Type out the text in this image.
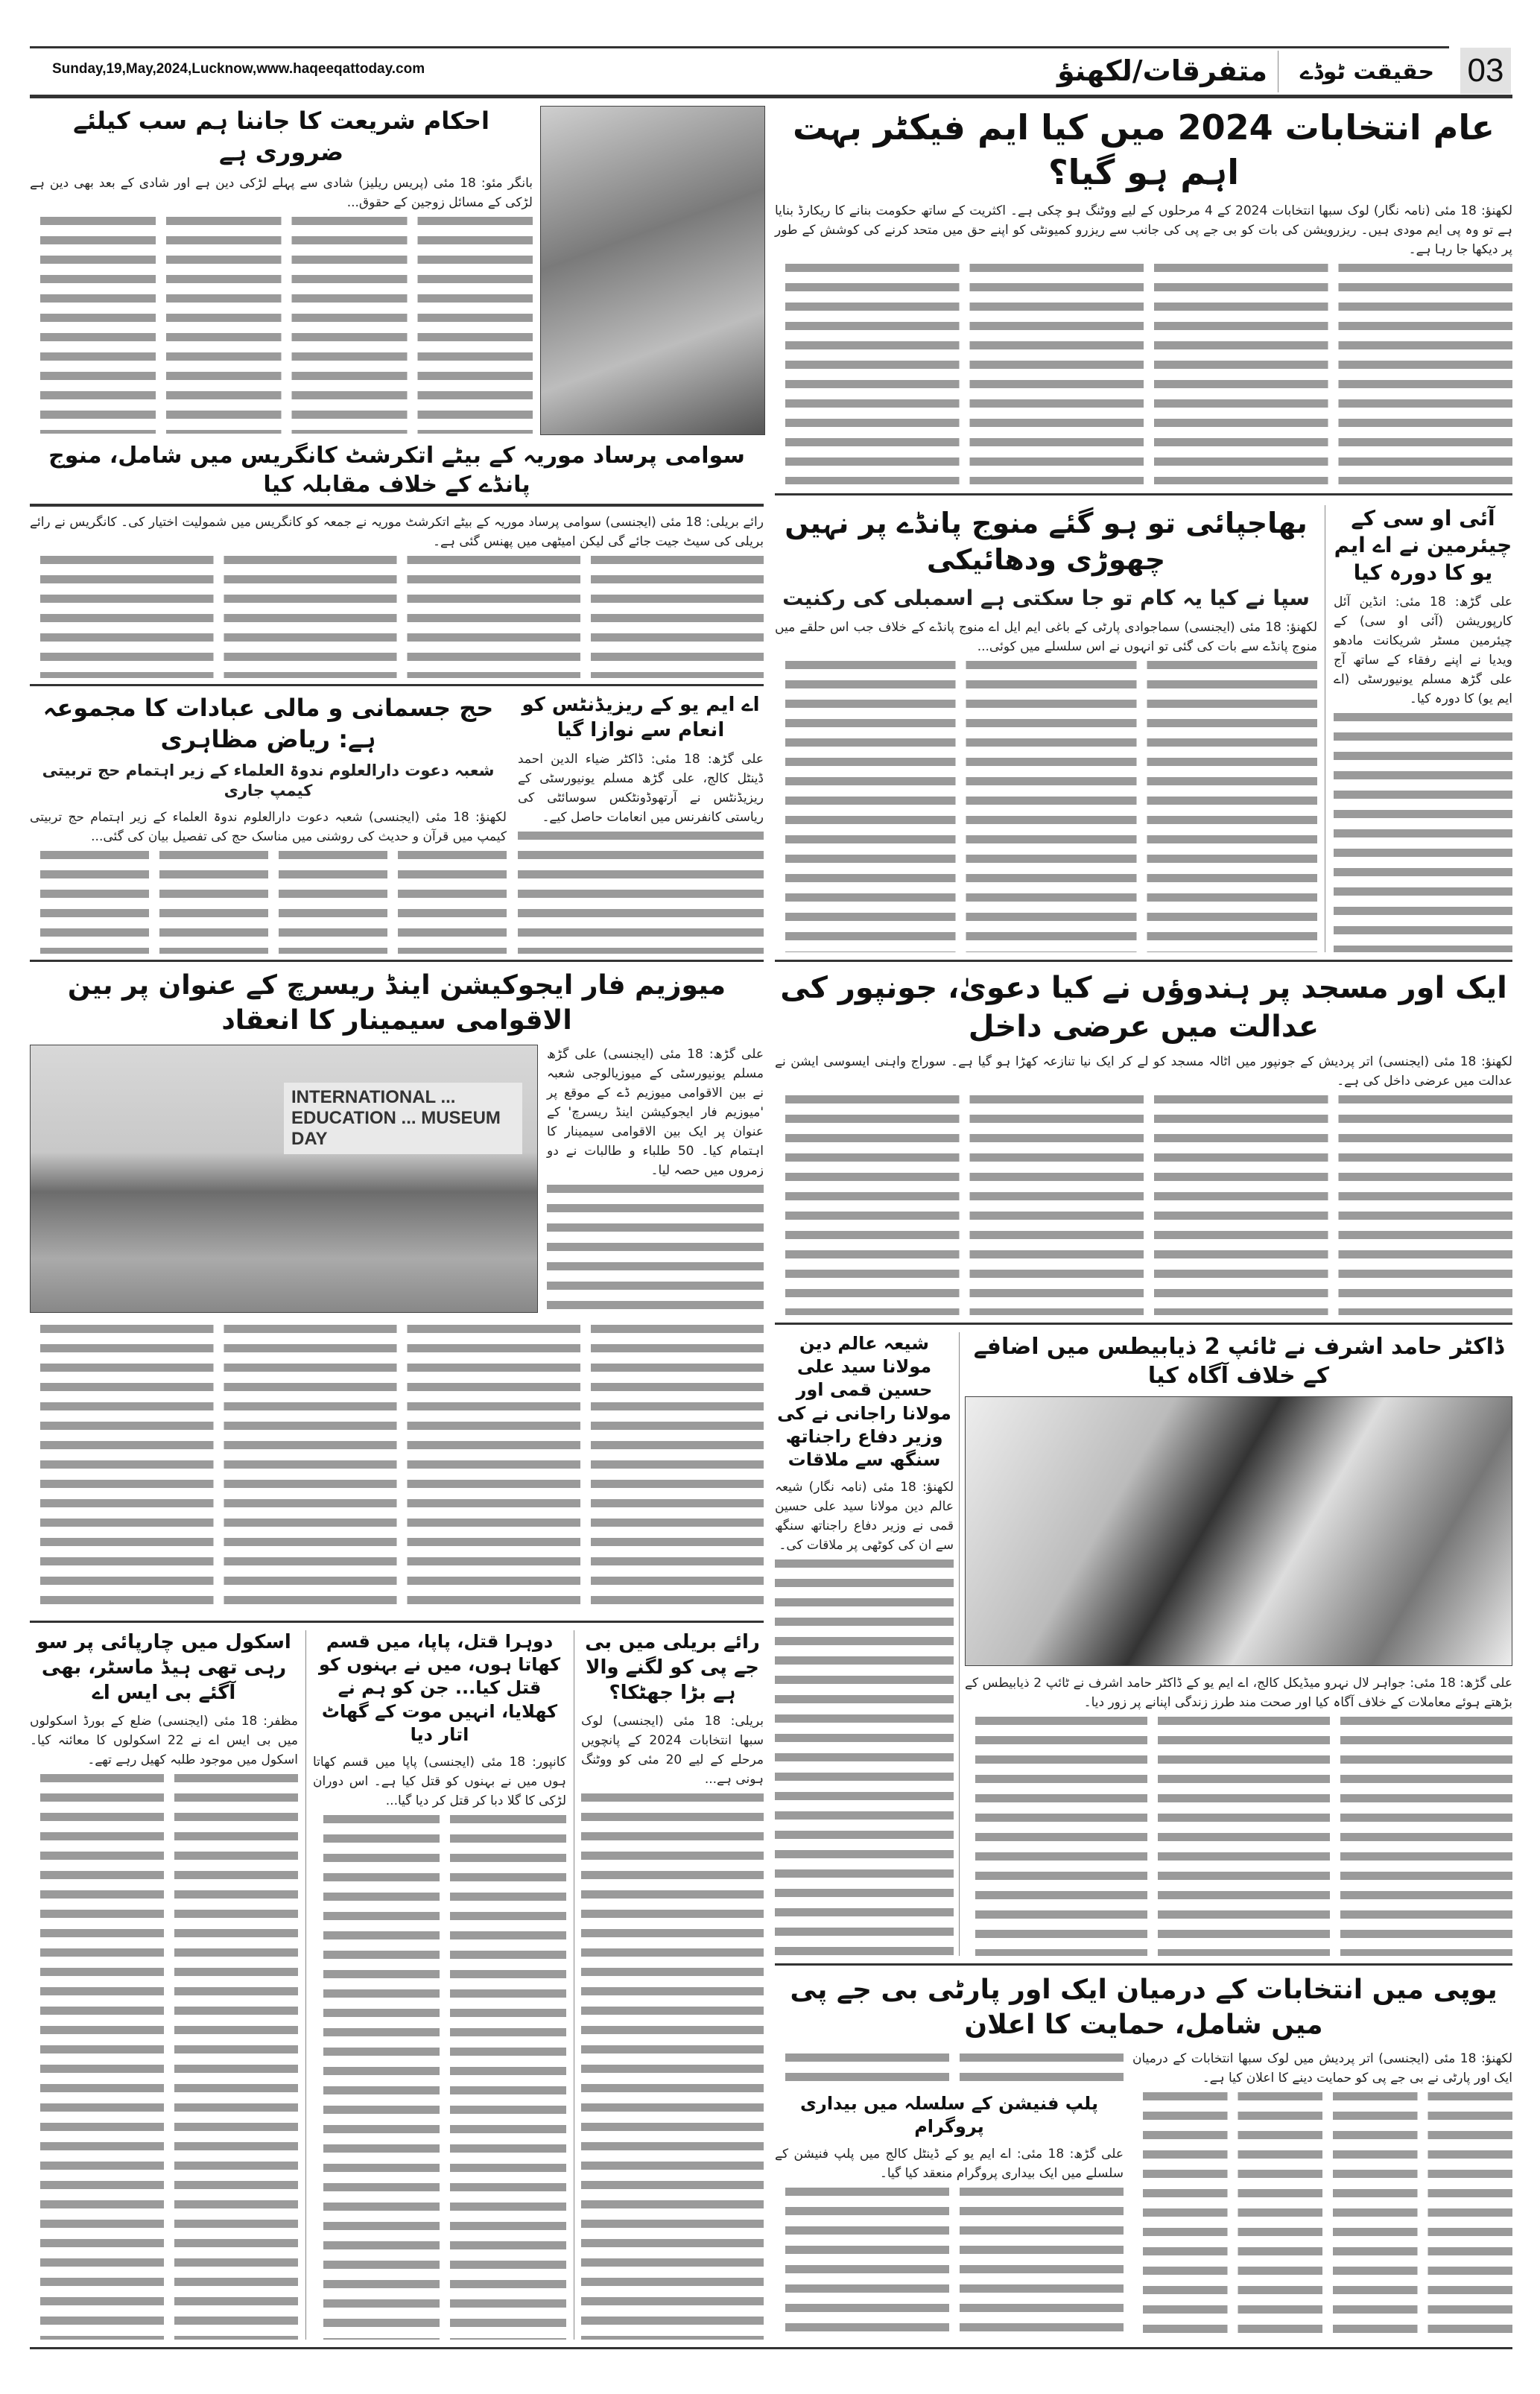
Sunday,19,May,2024,Lucknow,www.haqeeqattoday.com	متفرقات/لکھنؤ	حقیقت ٹوڈے	03
عام انتخابات 2024 میں کیا ایم فیکٹر بہت اہم ہو گیا؟
لکھنؤ: 18 مئی (نامہ نگار) لوک سبھا انتخابات 2024 کے 4 مرحلوں کے لیے ووٹنگ ہو چکی ہے۔ اکثریت کے ساتھ حکومت بنانے کا ریکارڈ بنایا ہے تو وہ پی ایم مودی ہیں۔ ریزرویشن کی بات کو بی جے پی کی جانب سے ریزرو کمیونٹی کو اپنے حق میں متحد کرنے کی کوشش کے طور پر دیکھا جا رہا ہے۔
احکام شریعت کا جاننا ہم سب کیلئے ضروری ہے
بانگر مئو: 18 مئی (پریس ریلیز) شادی سے پہلے لڑکی دین ہے اور شادی کے بعد بھی دین ہے لڑکی کے مسائل زوجین کے حقوق...
سوامی پرساد موریہ کے بیٹے اتکرشٹ کانگریس میں شامل، منوج پانڈے کے خلاف مقابلہ کیا
رائے بریلی: 18 مئی (ایجنسی) سوامی پرساد موریہ کے بیٹے اتکرشٹ موریہ نے جمعہ کو کانگریس میں شمولیت اختیار کی۔ کانگریس نے رائے بریلی کی سیٹ جیت جائے گی لیکن امیٹھی میں پھنس گئی ہے۔
آئی او سی کے چیئرمین نے اے ایم یو کا دورہ کیا
علی گڑھ: 18 مئی: انڈین آئل کارپوریشن (آئی او سی) کے چیئرمین مسٹر شریکانت مادھو ویدیا نے اپنے رفقاء کے ساتھ آج علی گڑھ مسلم یونیورسٹی (اے ایم یو) کا دورہ کیا۔
بھاجپائی تو ہو گئے منوج پانڈے پر نہیں چھوڑی ودھائیکی
سپا نے کیا یہ کام تو جا سکتی ہے اسمبلی کی رکنیت
لکھنؤ: 18 مئی (ایجنسی) سماجوادی پارٹی کے باغی ایم ایل اے منوج پانڈے کے خلاف جب اس حلقے میں منوج پانڈے سے بات کی گئی تو انہوں نے اس سلسلے میں کوئی...
حج جسمانی و مالی عبادات کا مجموعہ ہے: ریاض مظاہری
شعبہ دعوت دارالعلوم ندوۃ العلماء کے زیر اہتمام حج تربیتی کیمپ جاری
لکھنؤ: 18 مئی (ایجنسی) شعبہ دعوت دارالعلوم ندوۃ العلماء کے زیر اہتمام حج تربیتی کیمپ میں قرآن و حدیث کی روشنی میں مناسک حج کی تفصیل بیان کی گئی...
اے ایم یو کے ریزیڈنٹس کو انعام سے نوازا گیا
علی گڑھ: 18 مئی: ڈاکٹر ضیاء الدین احمد ڈینٹل کالج، علی گڑھ مسلم یونیورسٹی کے ریزیڈنٹس نے آرتھوڈونٹکس سوسائٹی کی ریاستی کانفرنس میں انعامات حاصل کیے۔
میوزیم فار ایجوکیشن اینڈ ریسرچ کے عنوان پر بین الاقوامی سیمینار کا انعقاد
INTERNATIONAL ... EDUCATION ... MUSEUM DAY
علی گڑھ: 18 مئی (ایجنسی) علی گڑھ مسلم یونیورسٹی کے میوزیالوجی شعبہ نے بین الاقوامی میوزیم ڈے کے موقع پر 'میوزیم فار ایجوکیشن اینڈ ریسرچ' کے عنوان پر ایک بین الاقوامی سیمینار کا اہتمام کیا۔ 50 طلباء و طالبات نے دو زمروں میں حصہ لیا۔
ایک اور مسجد پر ہندوؤں نے کیا دعویٰ، جونپور کی عدالت میں عرضی داخل
لکھنؤ: 18 مئی (ایجنسی) اتر پردیش کے جونپور میں اٹالہ مسجد کو لے کر ایک نیا تنازعہ کھڑا ہو گیا ہے۔ سوراج واہنی ایسوسی ایشن نے عدالت میں عرضی داخل کی ہے۔
شیعہ عالم دین مولانا سید علی حسین قمی اور مولانا راجانی نے کی وزیر دفاع راجناتھ سنگھ سے ملاقات
لکھنؤ: 18 مئی (نامہ نگار) شیعہ عالم دین مولانا سید علی حسین قمی نے وزیر دفاع راجناتھ سنگھ سے ان کی کوٹھی پر ملاقات کی۔
ڈاکٹر حامد اشرف نے ٹائپ 2 ذیابیطس میں اضافے کے خلاف آگاہ کیا
علی گڑھ: 18 مئی: جواہر لال نہرو میڈیکل کالج، اے ایم یو کے ڈاکٹر حامد اشرف نے ٹائپ 2 ذیابیطس کے بڑھتے ہوئے معاملات کے خلاف آگاہ کیا اور صحت مند طرز زندگی اپنانے پر زور دیا۔
رائے بریلی میں بی جے پی کو لگنے والا ہے بڑا جھٹکا؟
بریلی: 18 مئی (ایجنسی) لوک سبھا انتخابات 2024 کے پانچویں مرحلے کے لیے 20 مئی کو ووٹنگ ہونی ہے...
دوہرا قتل، پاپا، میں قسم کھاتا ہوں، میں نے بہنوں کو قتل کیا... جن کو ہم نے کھلایا، انہیں موت کے گھاٹ اتار دیا
کانپور: 18 مئی (ایجنسی) پاپا میں قسم کھاتا ہوں میں نے بہنوں کو قتل کیا ہے۔ اس دوران لڑکی کا گلا دبا کر قتل کر دیا گیا...
اسکول میں چارپائی پر سو رہی تھی ہیڈ ماسٹر، بھی آگئے بی ایس اے
مظفر: 18 مئی (ایجنسی) ضلع کے بورڈ اسکولوں میں بی ایس اے نے 22 اسکولوں کا معائنہ کیا۔ اسکول میں موجود طلبہ کھیل رہے تھے۔
یوپی میں انتخابات کے درمیان ایک اور پارٹی بی جے پی میں شامل، حمایت کا اعلان
لکھنؤ: 18 مئی (ایجنسی) اتر پردیش میں لوک سبھا انتخابات کے درمیان ایک اور پارٹی نے بی جے پی کو حمایت دینے کا اعلان کیا ہے۔
پلپ فنیشن کے سلسلہ میں بیداری پروگرام
علی گڑھ: 18 مئی: اے ایم یو کے ڈینٹل کالج میں پلپ فنیشن کے سلسلے میں ایک بیداری پروگرام منعقد کیا گیا۔
